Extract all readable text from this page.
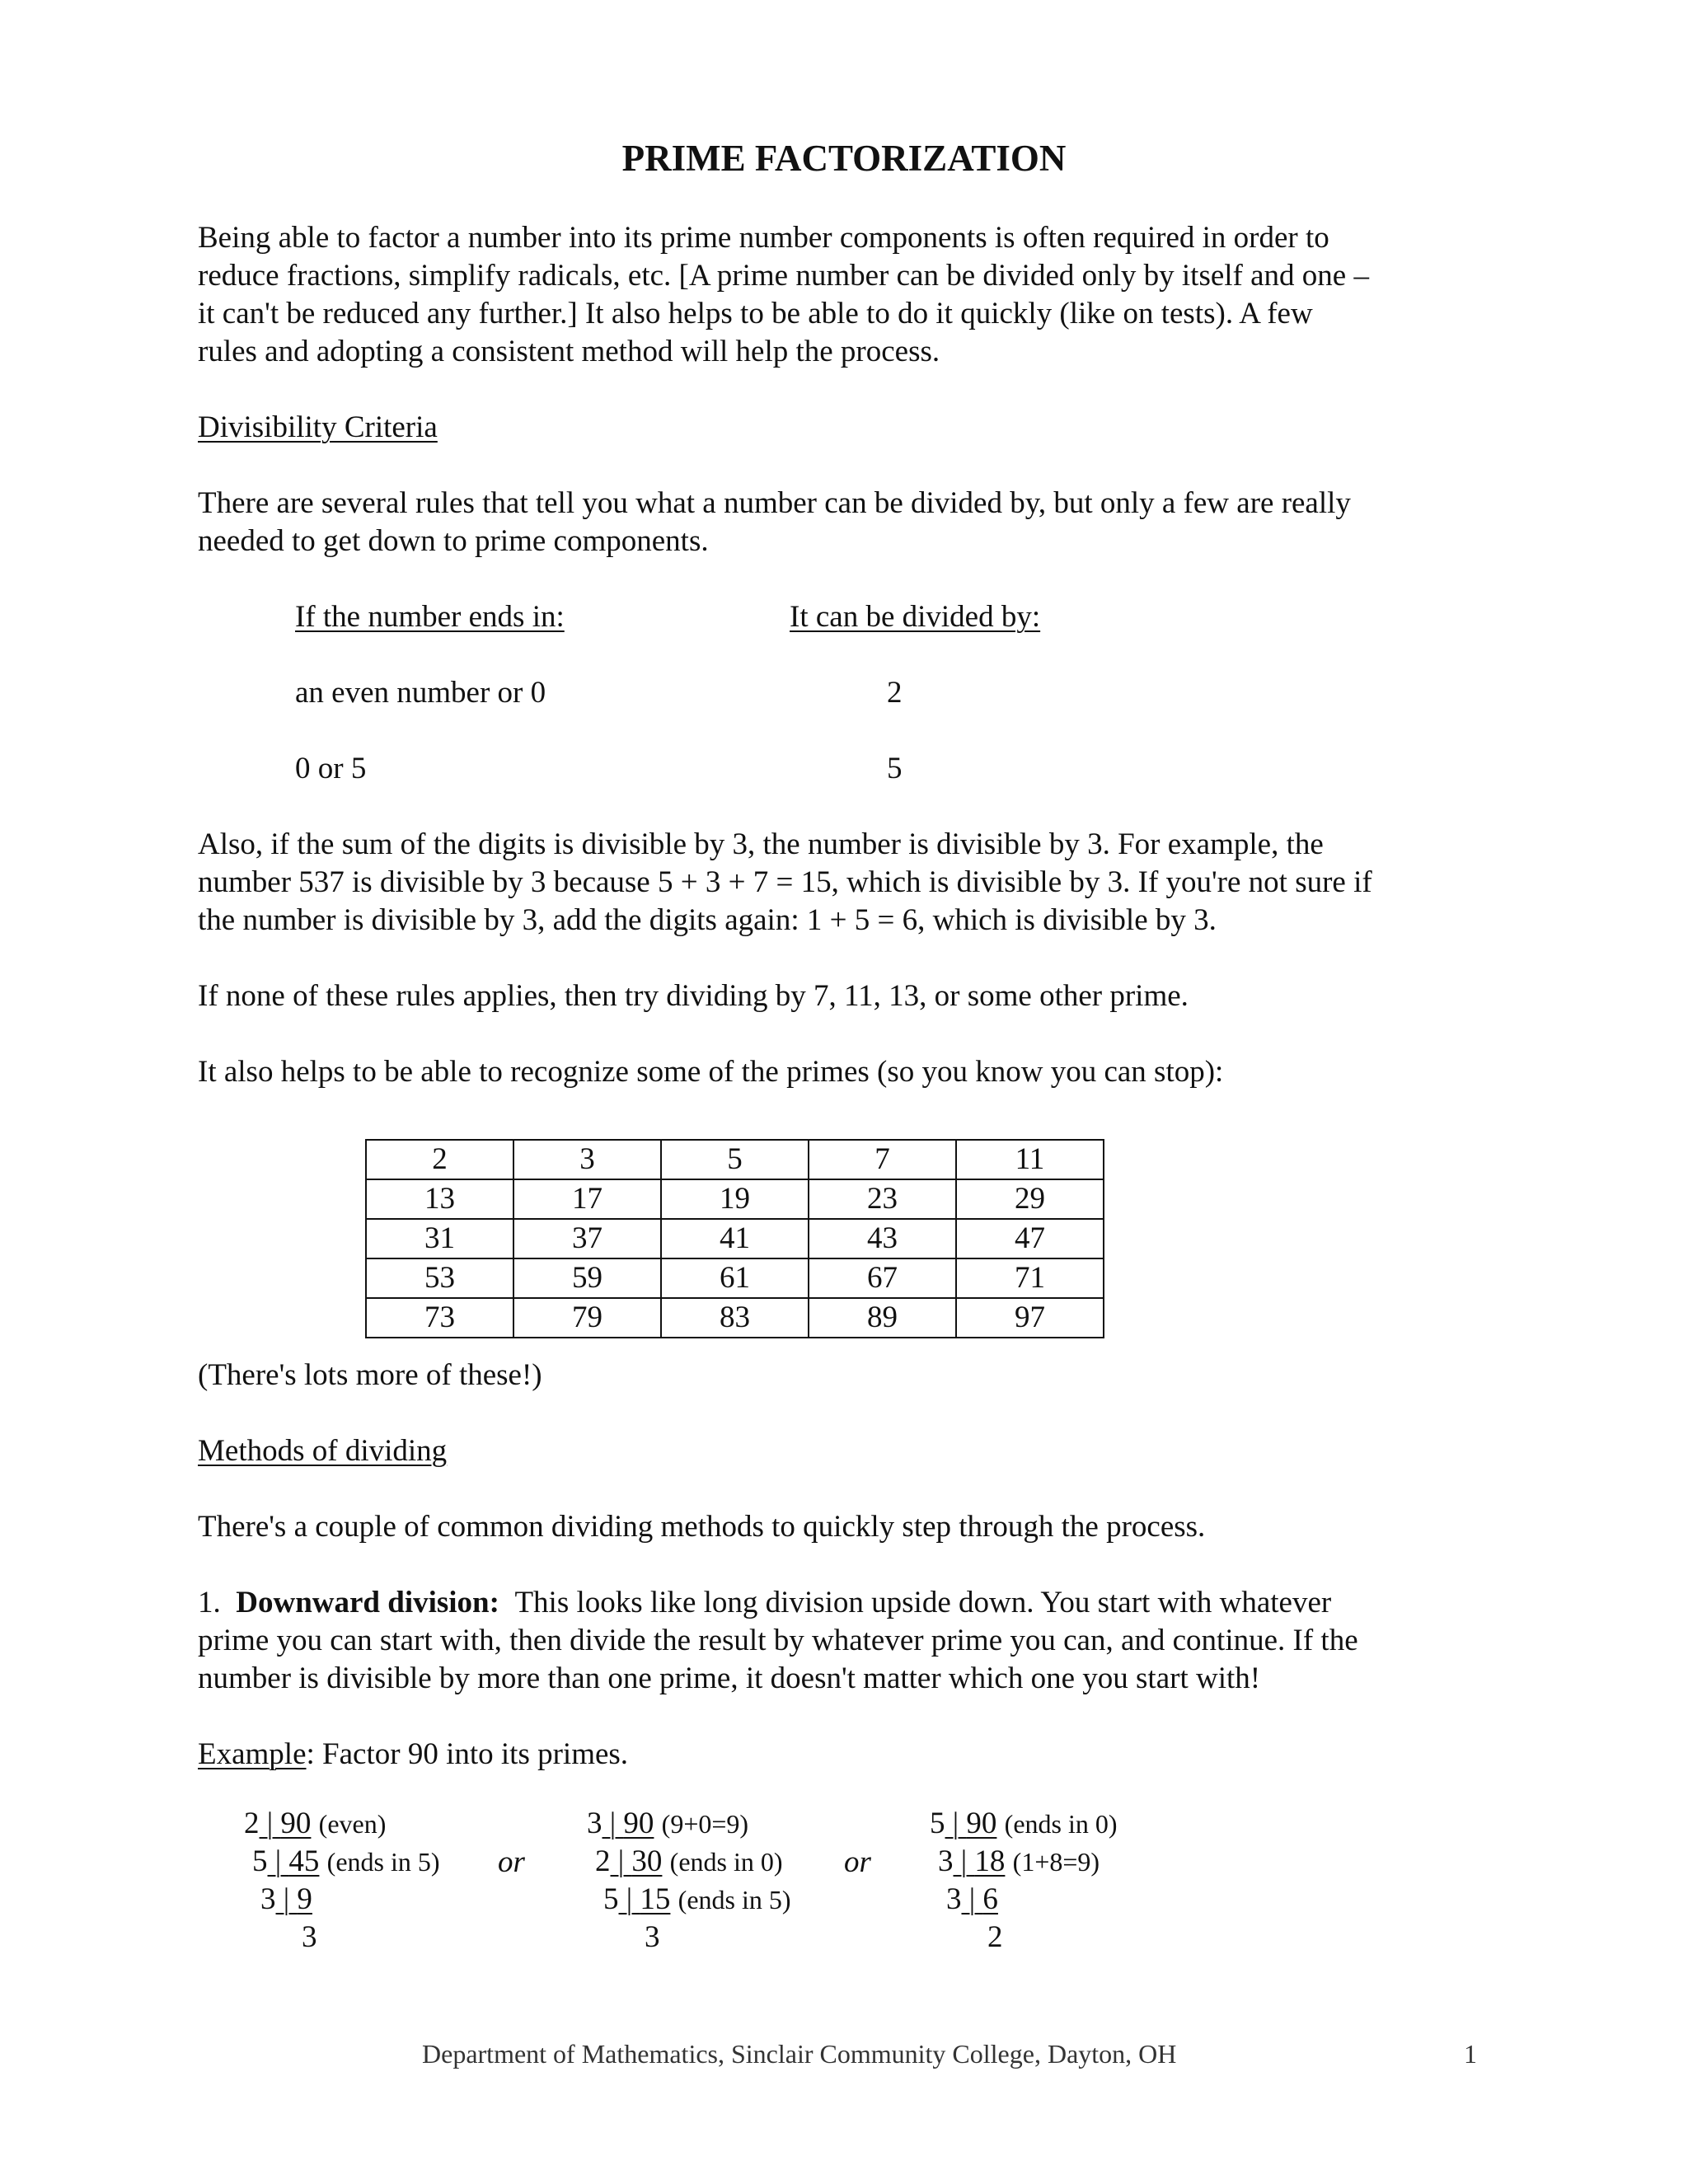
PRIME FACTORIZATION
Being able to factor a number into its prime number components is often required in order to
reduce fractions, simplify radicals, etc. [A prime number can be divided only by itself and one –
it can't be reduced any further.] It also helps to be able to do it quickly (like on tests). A few
rules and adopting a consistent method will help the process.
Divisibility Criteria
There are several rules that tell you what a number can be divided by, but only a few are really
needed to get down to prime components.
If the number ends in:	It can be divided by:
an even number or 0	2
0 or 5	5
Also, if the sum of the digits is divisible by 3, the number is divisible by 3. For example, the
number 537 is divisible by 3 because 5 + 3 + 7 = 15, which is divisible by 3. If you're not sure if
the number is divisible by 3, add the digits again: 1 + 5 = 6, which is divisible by 3.
If none of these rules applies, then try dividing by 7, 11, 13, or some other prime.
It also helps to be able to recognize some of the primes (so you know you can stop):
2	3	5	7	11
13	17	19	23	29
31	37	41	43	47
53	59	61	67	71
73	79	83	89	97
(There's lots more of these!)
Methods of dividing
There's a couple of common dividing methods to quickly step through the process.
1. Downward division: This looks like long division upside down. You start with whatever
prime you can start with, then divide the result by whatever prime you can, and continue. If the
number is divisible by more than one prime, it doesn't matter which one you start with!
Example: Factor 90 into its primes.
2 | 90 (even)
5 | 45 (ends in 5)
3 | 9
3
3 | 90 (9+0=9)
2 | 30 (ends in 0)
5 | 15 (ends in 5)
3
5 | 90 (ends in 0)
3 | 18 (1+8=9)
3 | 6
2
or	or
Department of Mathematics, Sinclair Community College, Dayton, OH	1
